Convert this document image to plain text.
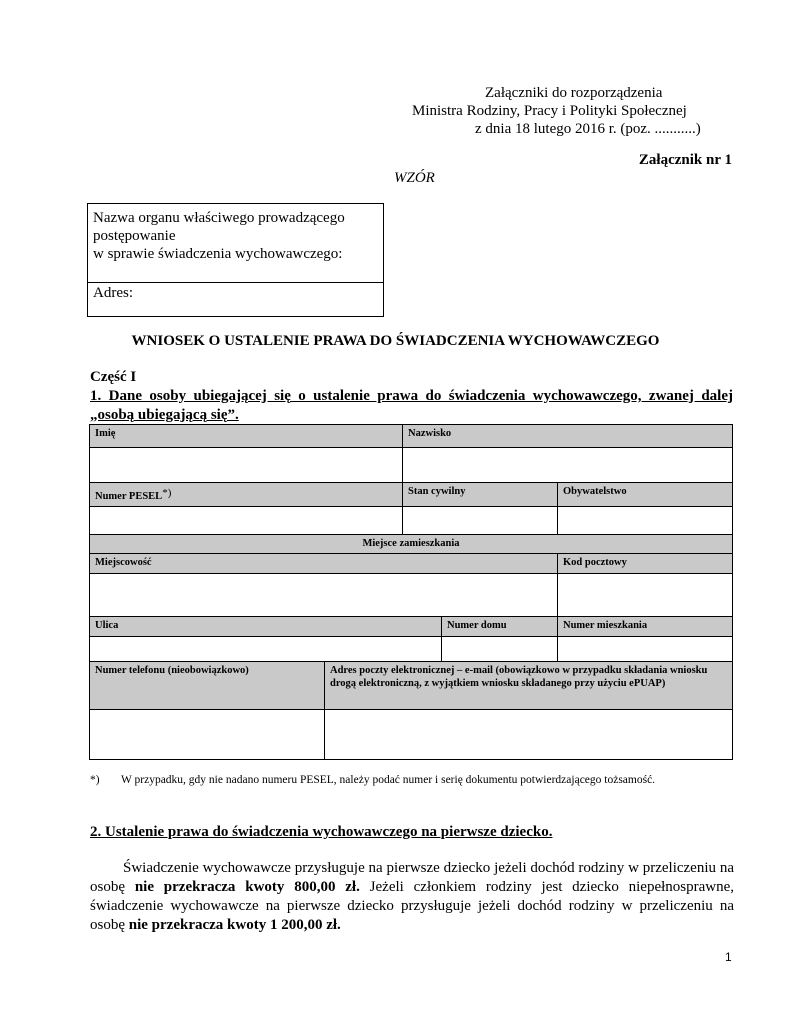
Załączniki do rozporządzenia
Ministra Rodziny, Pracy i Polityki Społecznej
z dnia 18 lutego 2016 r. (poz. ...........)
Załącznik nr 1
WZÓR
Nazwa organu właściwego prowadzącego
postępowanie
w sprawie świadczenia wychowawczego:
Adres:
WNIOSEK O USTALENIE PRAWA DO ŚWIADCZENIA WYCHOWAWCZEGO
Część I
1. Dane osoby ubiegającej się o ustalenie prawa do świadczenia wychowawczego, zwanej dalej „osobą ubiegającą się”.
Imię	Nazwisko
Numer PESEL*)	Stan cywilny	Obywatelstwo
Miejsce zamieszkania
Miejscowość	Kod pocztowy
Ulica	Numer domu	Numer mieszkania
Numer telefonu (nieobowiązkowo)	Adres poczty elektronicznej – e-mail (obowiązkowo w przypadku składania wniosku drogą elektroniczną, z wyjątkiem wniosku składanego przy użyciu ePUAP)
*) W przypadku, gdy nie nadano numeru PESEL, należy podać numer i serię dokumentu potwierdzającego tożsamość.
2. Ustalenie prawa do świadczenia wychowawczego na pierwsze dziecko.
Świadczenie wychowawcze przysługuje na pierwsze dziecko jeżeli dochód rodziny w przeliczeniu na osobę nie przekracza kwoty 800,00 zł. Jeżeli członkiem rodziny jest dziecko niepełnosprawne, świadczenie wychowawcze na pierwsze dziecko przysługuje jeżeli dochód rodziny w przeliczeniu na osobę nie przekracza kwoty 1 200,00 zł.
1
